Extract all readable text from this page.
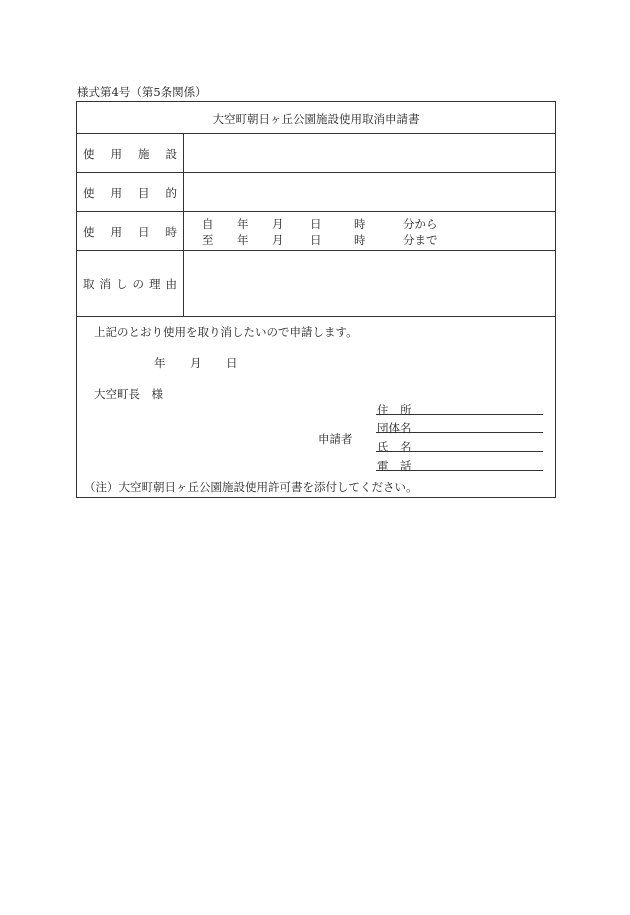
様式第4号（第5条関係）
大空町朝日ヶ丘公園施設使用取消申請書
使 用 施 設
使 用 目 的
使 用 日 時
自 年 月 日	時	分から
至 年 月 日	時	分まで
取 消 し の 理 由
上記のとおり使用を取り消したいので申請します。
年 月 日
大空町長　様
申請者
住　所
団体名
氏　名
電　話
（注）大空町朝日ヶ丘公園施設使用許可書を添付してください。
